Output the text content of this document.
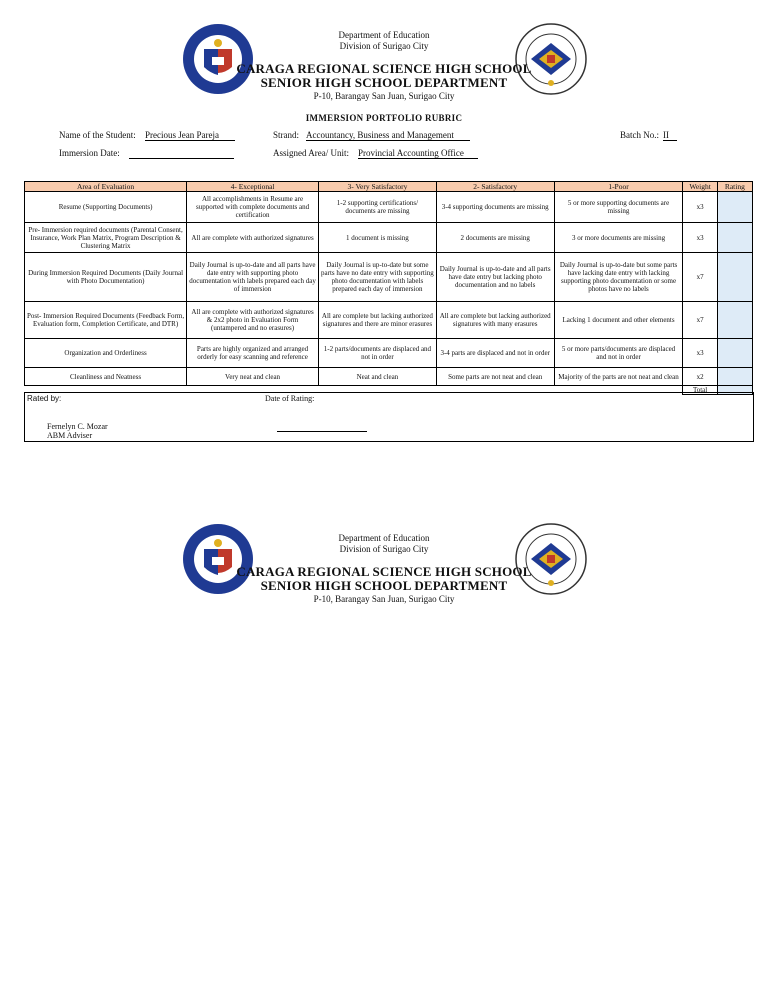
Department of Education
Division of Surigao City
CARAGA REGIONAL SCIENCE HIGH SCHOOL
SENIOR HIGH SCHOOL DEPARTMENT
P-10, Barangay San Juan, Surigao City
IMMERSION PORTFOLIO RUBRIC
Name of the Student: Precious Jean Pareja	Strand: Accountancy, Business and Management	Batch No.: II
Immersion Date:	Assigned Area/ Unit: Provincial Accounting Office
Area of Evaluation	4- Exceptional	3- Very Satisfactory	2- Satisfactory	1-Poor	Weight	Rating
Resume (Supporting Documents)	All accomplishments in Resume are supported with complete documents and certification	1-2 supporting certifications/ documents are missing	3-4 supporting documents are missing	5 or more supporting documents are missing	x3	
Pre- Immersion required documents (Parental Consent, Insurance, Work Plan Matrix, Program Description & Clustering Matrix	All are complete with authorized signatures	1 document is missing	2 documents are missing	3 or more documents are missing	x3	
During Immersion Required Documents (Daily Journal with Photo Documentation)	Daily Journal is up-to-date and all parts have date entry with supporting photo documentation with labels prepared each day of immersion	Daily Journal is up-to-date but some parts have no date entry with supporting photo documentation with labels prepared each day of immersion	Daily Journal is up-to-date and all parts have date entry but lacking photo documentation and no labels	Daily Journal is up-to-date but some parts have lacking date entry with lacking supporting photo documentation or some photos have no labels	x7	
Post- Immersion Required Documents (Feedback Form, Evaluation form, Completion Certificate, and DTR)	All are complete with authorized signatures & 2x2 photo in Evaluation Form (untampered and no erasures)	All are complete but lacking authorized signatures and there are minor erasures	All are complete but lacking authorized signatures with many erasures	Lacking 1 document and other elements	x7	
Organization and Orderliness	Parts are highly organized and arranged orderly for easy scanning and reference	1-2 parts/documents are displaced and not in order	3-4 parts are displaced and not in order	5 or more parts/documents are displaced and not in order	x3	
Cleanliness and Neatness	Very neat and clean	Neat and clean	Some parts are not neat and clean	Majority of the parts are not neat and clean	x2	
					Total	
Rated by:	Date of Rating:
Fernelyn C. Mozar
ABM Adviser
Department of Education
Division of Surigao City
CARAGA REGIONAL SCIENCE HIGH SCHOOL
SENIOR HIGH SCHOOL DEPARTMENT
P-10, Barangay San Juan, Surigao City
